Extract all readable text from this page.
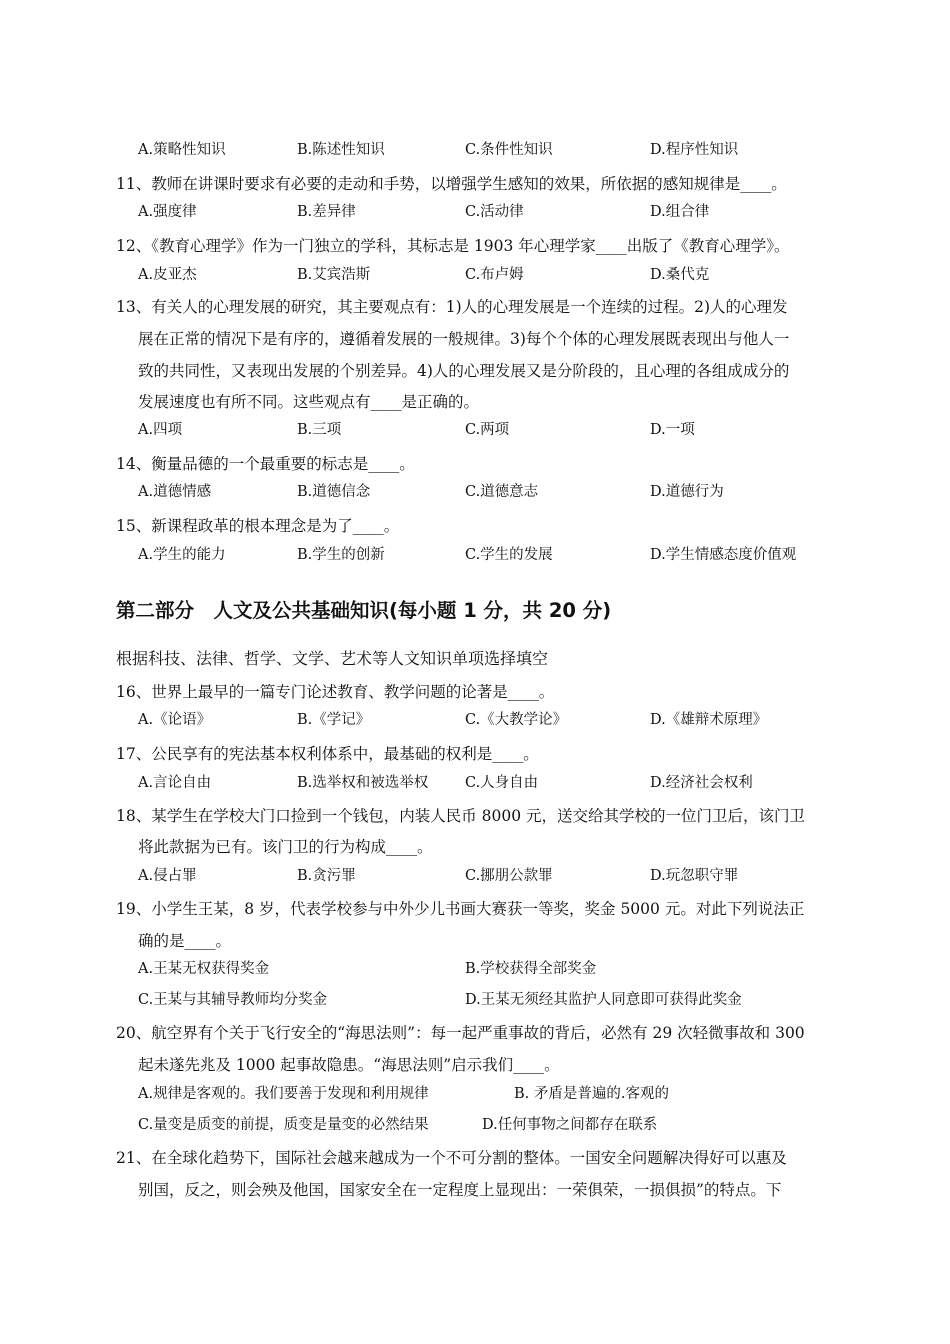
A.策略性知识	B.陈述性知识	C.条件性知识	D.程序性知识
11、教师在讲课时要求有必要的走动和手势，以增强学生感知的效果，所依据的感知规律是____。
A.强度律	B.差异律	C.活动律	D.组合律
12、《教育心理学》作为一门独立的学科，其标志是 1903 年心理学家____出版了《教育心理学》。
A.皮亚杰	B.艾宾浩斯	C.布卢姆	D.桑代克
13、有关人的心理发展的研究，其主要观点有：1)人的心理发展是一个连续的过程。2)人的心理发
展在正常的情况下是有序的，遵循着发展的一般规律。3)每个个体的心理发展既表现出与他人一
致的共同性，又表现出发展的个别差异。4)人的心理发展又是分阶段的，且心理的各组成成分的
发展速度也有所不同。这些观点有____是正确的。
A.四项	B.三项	C.两项	D.一项
14、衡量品德的一个最重要的标志是____。
A.道德情感	B.道德信念	C.道德意志	D.道德行为
15、新课程政革的根本理念是为了____。
A.学生的能力	B.学生的创新	C.学生的发展	D.学生情感态度价值观
第二部分　人文及公共基础知识(每小题 1 分，共 20 分)
根据科技、法律、哲学、文学、艺术等人文知识单项选择填空
16、世界上最早的一篇专门论述教育、教学问题的论著是____。
A.《论语》	B.《学记》	C.《大教学论》	D.《雄辩术原理》
17、公民享有的宪法基本权利体系中，最基础的权利是____。
A.言论自由	B.选举权和被选举权	C.人身自由	D.经济社会权利
18、某学生在学校大门口捡到一个钱包，内装人民币 8000 元，送交给其学校的一位门卫后，该门卫
将此款据为已有。该门卫的行为构成____。
A.侵占罪	B.贪污罪	C.挪朋公款罪	D.玩忽职守罪
19、小学生王某，8 岁，代表学校参与中外少儿书画大赛获一等奖，奖金 5000 元。对此下列说法正
确的是____。
A.王某无权获得奖金	B.学校获得全部奖金
C.王某与其辅导教师均分奖金	D.王某无须经其监护人同意即可获得此奖金
20、航空界有个关于飞行安全的“海思法则”：每一起严重事故的背后，必然有 29 次轻微事故和 300
起未遂先兆及 1000 起事故隐患。“海思法则”启示我们____。
A.规律是客观的。我们要善于发现和利用规律	B. 矛盾是普遍的.客观的
C.量变是质变的前提，质变是量变的必然结果	D.任何事物之间都存在联系
21、在全球化趋势下，国际社会越来越成为一个不可分割的整体。一国安全问题解决得好可以惠及
别国，反之，则会殃及他国，国家安全在一定程度上显现出：一荣俱荣，一损俱损”的特点。下
